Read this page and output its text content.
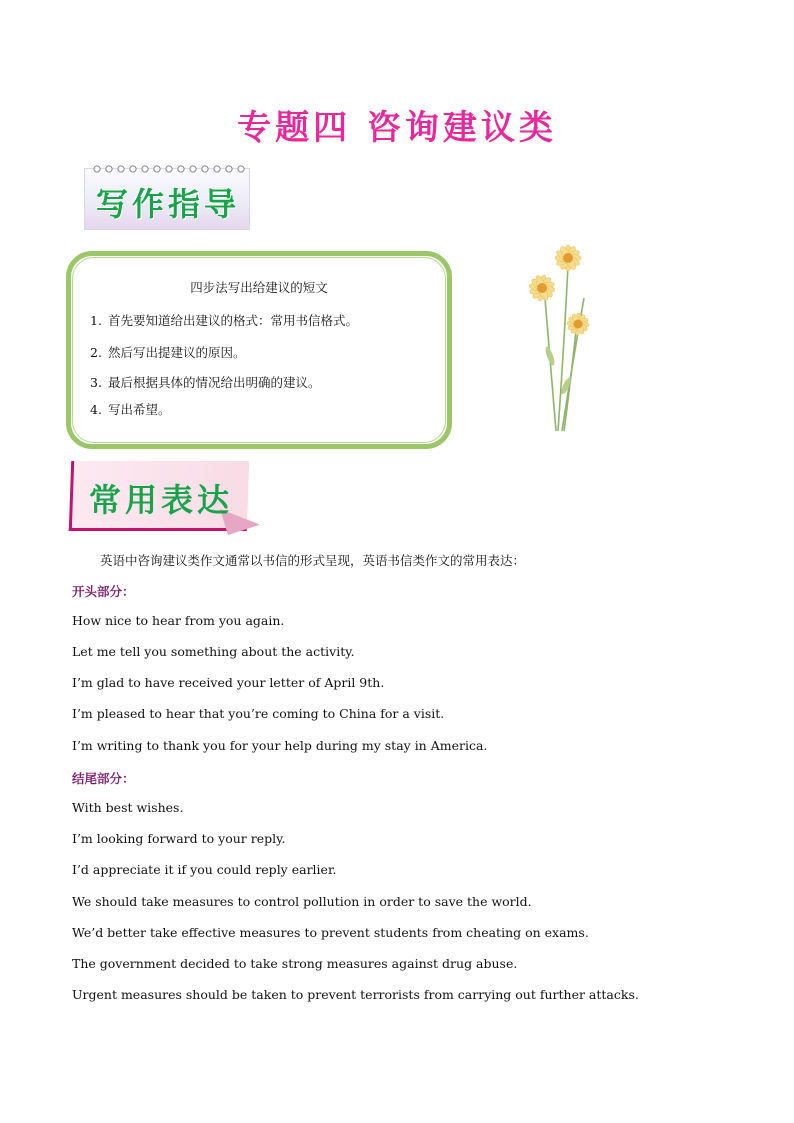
专题四 咨询建议类
写作指导
四步法写出给建议的短文
1. 首先要知道给出建议的格式：常用书信格式。
2. 然后写出提建议的原因。
3. 最后根据具体的情况给出明确的建议。
4. 写出希望。
常用表达
英语中咨询建议类作文通常以书信的形式呈现，英语书信类作文的常用表达：
开头部分：
How nice to hear from you again.
Let me tell you something about the activity.
I’m glad to have received your letter of April 9th.
I’m pleased to hear that you’re coming to China for a visit.
I’m writing to thank you for your help during my stay in America.
结尾部分：
With best wishes.
I’m looking forward to your reply.
I’d appreciate it if you could reply earlier.
We should take measures to control pollution in order to save the world.
We’d better take effective measures to prevent students from cheating on exams.
The government decided to take strong measures against drug abuse.
Urgent measures should be taken to prevent terrorists from carrying out further attacks.
